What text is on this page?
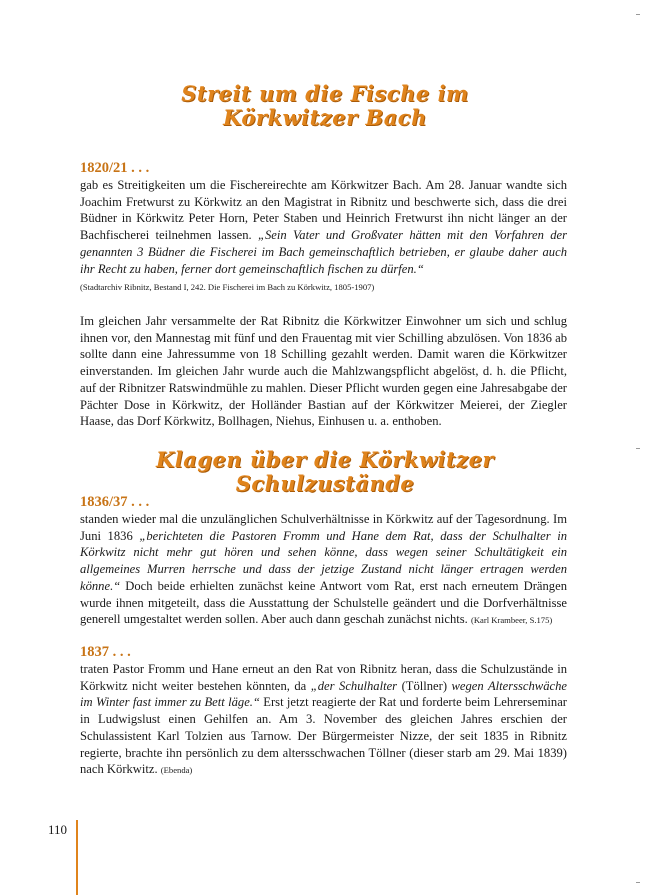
Streit um die Fische im
Körkwitzer Bach
1820/21 . . .

gab es Streitigkeiten um die Fischereirechte am Körkwitzer Bach. Am 28. Januar wandte sich Joachim Fretwurst zu Körkwitz an den Magistrat in Ribnitz und beschwerte sich, dass die drei Büdner in Körkwitz Peter Horn, Peter Staben und Heinrich Fretwurst ihn nicht länger an der Bachfischerei teilnehmen lassen. „Sein Vater und Großvater hätten mit den Vorfahren der genannten 3 Büdner die Fischerei im Bach gemeinschaftlich betrieben, er glaube daher auch ihr Recht zu haben, ferner dort gemeinschaftlich fischen zu dürfen.“

(Stadtarchiv Ribnitz, Bestand I, 242. Die Fischerei im Bach zu Körkwitz, 1805-1907)

Im gleichen Jahr versammelte der Rat Ribnitz die Körkwitzer Einwohner um sich und schlug ihnen vor, den Mannestag mit fünf und den Frauentag mit vier Schilling abzulösen. Von 1836 ab sollte dann eine Jahressumme von 18 Schilling gezahlt werden. Damit waren die Körkwitzer einverstanden. Im gleichen Jahr wurde auch die Mahlzwangspflicht abgelöst, d. h. die Pflicht, auf der Ribnitzer Ratswindmühle zu mahlen. Dieser Pflicht wurden gegen eine Jahresabgabe der Pächter Dose in Körkwitz, der Holländer Bastian auf der Körkwitzer Meierei, der Ziegler Haase, das Dorf Körkwitz, Bollhagen, Niehus, Einhusen u. a. enthoben.

Klagen über die Körkwitzer
Schulzustände
1836/37 . . .

standen wieder mal die unzulänglichen Schulverhältnisse in Körkwitz auf der Tagesordnung. Im Juni 1836 „berichteten die Pastoren Fromm und Hane dem Rat, dass der Schulhalter in Körkwitz nicht mehr gut hören und sehen könne, dass wegen seiner Schultätigkeit ein allgemeines Murren herrsche und dass der jetzige Zustand nicht länger ertragen werden könne.“ Doch beide erhielten zunächst keine Antwort vom Rat, erst nach erneutem Drängen wurde ihnen mitgeteilt, dass die Ausstattung der Schulstelle geändert und die Dorfverhältnisse generell umgestaltet werden sollen. Aber auch dann geschah zunächst nichts. (Karl Krambeer, S.175)

1837 . . .

traten Pastor Fromm und Hane erneut an den Rat von Ribnitz heran, dass die Schulzustände in Körkwitz nicht weiter bestehen könnten, da „der Schulhalter (Töllner) wegen Altersschwäche im Winter fast immer zu Bett läge.“ Erst jetzt reagierte der Rat und forderte beim Lehrerseminar in Ludwigslust einen Gehilfen an. Am 3. November des gleichen Jahres erschien der Schulassistent Karl Tolzien aus Tarnow. Der Bürgermeister Nizze, der seit 1835 in Ribnitz regierte, brachte ihn persönlich zu dem altersschwachen Töllner (dieser starb am 29. Mai 1839) nach Körkwitz. (Ebenda)

110
